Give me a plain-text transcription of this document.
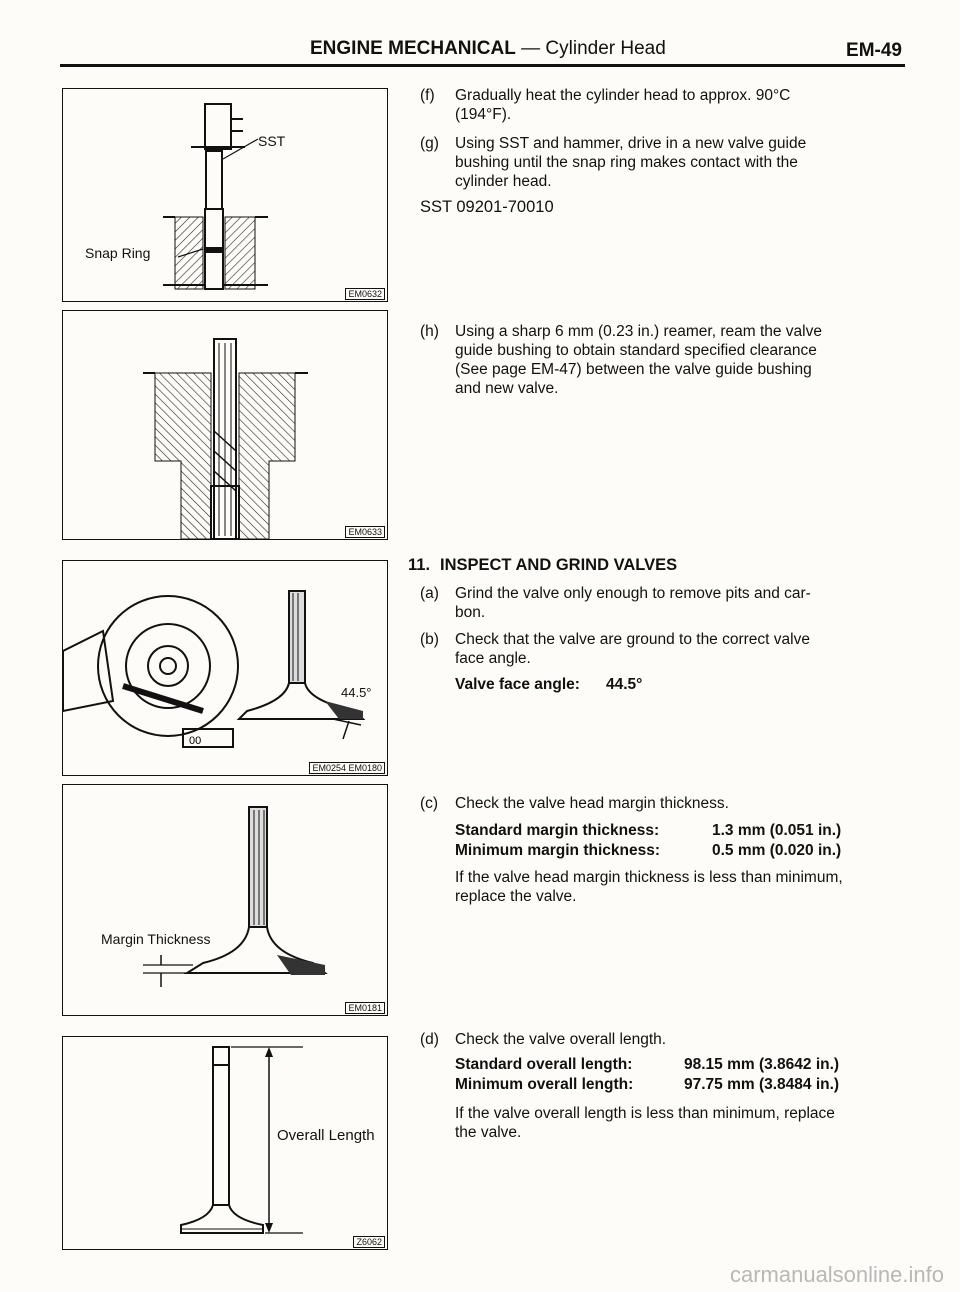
ENGINE MECHANICAL — Cylinder Head	EM-49
SST
Snap Ring
EM0632
EM0633
00
44.5°
EM0254 EM0180
Margin Thickness
EM0181
Overall Length
Z6062
(f) Gradually heat the cylinder head to approx. 90°C
(194°F).
(g) Using SST and hammer, drive in a new valve guide
bushing until the snap ring makes contact with the
cylinder head.
SST 09201-70010
(h) Using a sharp 6 mm (0.23 in.) reamer, ream the valve
guide bushing to obtain standard specified clearance
(See page EM-47) between the valve guide bushing
and new valve.
11. INSPECT AND GRIND VALVES
(a) Grind the valve only enough to remove pits and car-
bon.
(b) Check that the valve are ground to the correct valve
face angle.
Valve face angle: 44.5°
(c) Check the valve head margin thickness.
Standard margin thickness:	1.3 mm (0.051 in.)
Minimum margin thickness:	0.5 mm (0.020 in.)
If the valve head margin thickness is less than minimum,
replace the valve.
(d) Check the valve overall length.
Standard overall length:	98.15 mm (3.8642 in.)
Minimum overall length:	97.75 mm (3.8484 in.)
If the valve overall length is less than minimum, replace
the valve.
carmanualsonline.info
